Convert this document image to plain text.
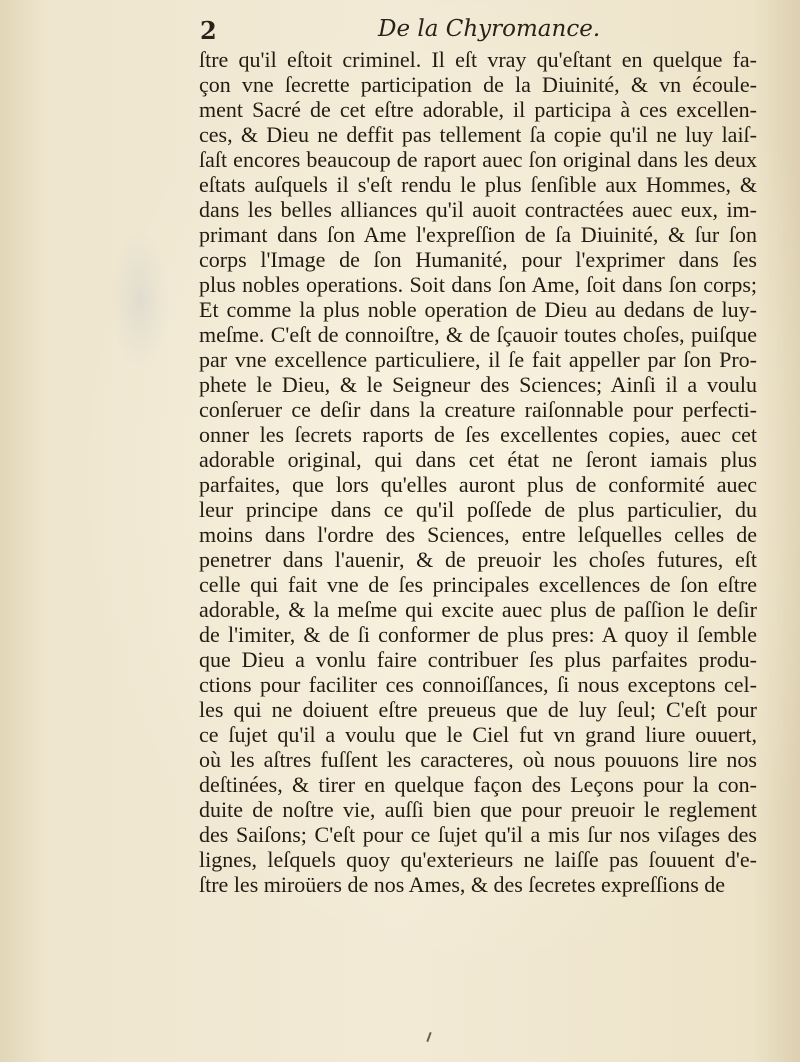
2	De la Chyromance.
ſtre qu'il eſtoit criminel. Il eſt vray qu'eſtant en quelque fa-
çon vne ſecrette participation de la Diuinité, & vn écoule-
ment Sacré de cet eſtre adorable, il participa à ces excellen-
ces, & Dieu ne deffit pas tellement ſa copie qu'il ne luy laiſ-
ſaſt encores beaucoup de raport auec ſon original dans les deux
eſtats auſquels il s'eſt rendu le plus ſenſible aux Hommes, &
dans les belles alliances qu'il auoit contractées auec eux, im-
primant dans ſon Ame l'expreſſion de ſa Diuinité, & ſur ſon
corps l'Image de ſon Humanité, pour l'exprimer dans ſes
plus nobles operations. Soit dans ſon Ame, ſoit dans ſon corps;
Et comme la plus noble operation de Dieu au dedans de luy-
meſme. C'eſt de connoiſtre, & de ſçauoir toutes choſes, puiſque
par vne excellence particuliere, il ſe fait appeller par ſon Pro-
phete le Dieu, & le Seigneur des Sciences; Ainſi il a voulu
conſeruer ce deſir dans la creature raiſonnable pour perfecti-
onner les ſecrets raports de ſes excellentes copies, auec cet
adorable original, qui dans cet état ne ſeront iamais plus
parfaites, que lors qu'elles auront plus de conformité auec
leur principe dans ce qu'il poſſede de plus particulier, du
moins dans l'ordre des Sciences, entre leſquelles celles de
penetrer dans l'auenir, & de preuoir les choſes futures, eſt
celle qui fait vne de ſes principales excellences de ſon eſtre
adorable, & la meſme qui excite auec plus de paſſion le deſir
de l'imiter, & de ſi conformer de plus pres: A quoy il ſemble
que Dieu a vonlu faire contribuer ſes plus parfaites produ-
ctions pour faciliter ces connoiſſances, ſi nous exceptons cel-
les qui ne doiuent eſtre preueus que de luy ſeul; C'eſt pour
ce ſujet qu'il a voulu que le Ciel fut vn grand liure ouuert,
où les aſtres fuſſent les caracteres, où nous pouuons lire nos
deſtinées, & tirer en quelque façon des Leçons pour la con-
duite de noſtre vie, auſſi bien que pour preuoir le reglement
des Saiſons; C'eſt pour ce ſujet qu'il a mis ſur nos viſages des
lignes, leſquels quoy qu'exterieurs ne laiſſe pas ſouuent d'e-
ſtre les miroüers de nos Ames, & des ſecretes expreſſions de
